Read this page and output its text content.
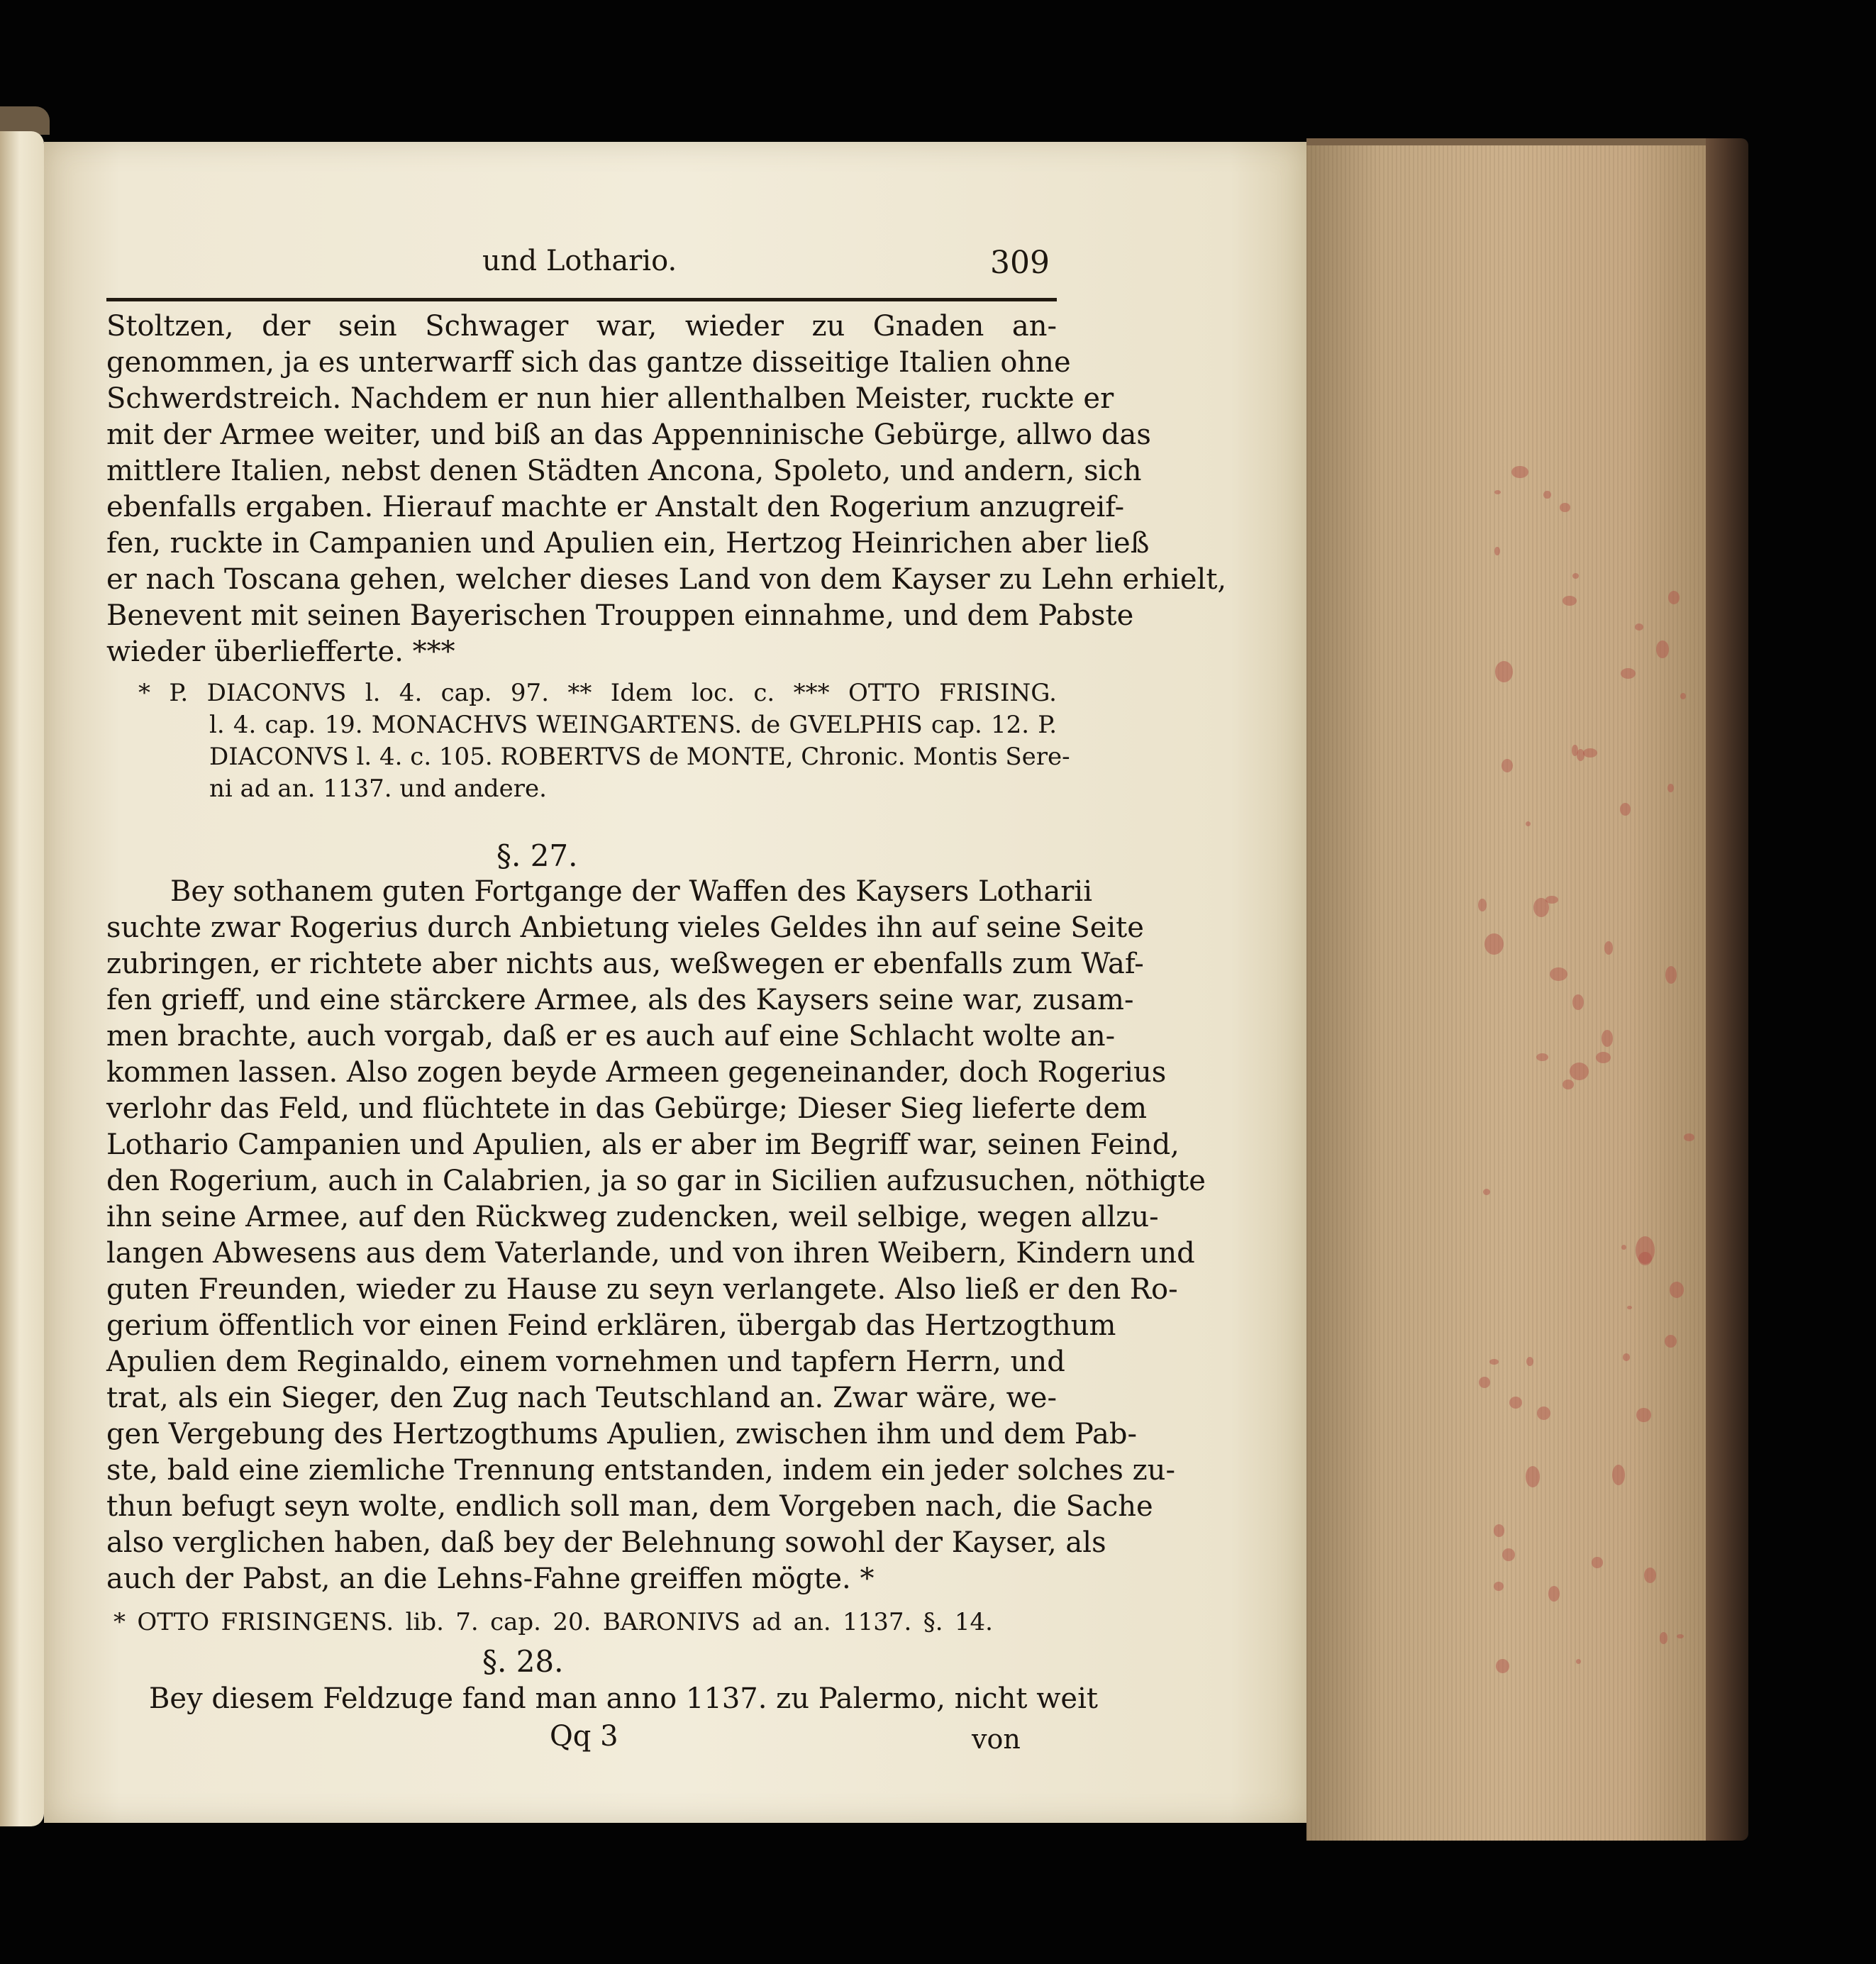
und Lothario.	309
Stoltzen, der sein Schwager war, wieder zu Gnaden an-
genommen, ja es unterwarff sich das gantze disseitige Italien ohne
Schwerdstreich. Nachdem er nun hier allenthalben Meister, ruckte er
mit der Armee weiter, und biß an das Appenninische Gebürge, allwo das
mittlere Italien, nebst denen Städten Ancona, Spoleto, und andern, sich
ebenfalls ergaben. Hierauf machte er Anstalt den Rogerium anzugreif-
fen, ruckte in Campanien und Apulien ein, Hertzog Heinrichen aber ließ
er nach Toscana gehen, welcher dieses Land von dem Kayser zu Lehn erhielt,
Benevent mit seinen Bayerischen Trouppen einnahme, und dem Pabste
wieder überliefferte. ***
* P. DIACONVS l. 4. cap. 97. ** Idem loc. c. *** OTTO FRISING.
l. 4. cap. 19. MONACHVS WEINGARTENS. de GVELPHIS cap. 12. P.
DIACONVS l. 4. c. 105. ROBERTVS de MONTE, Chronic. Montis Sere-
ni ad an. 1137. und andere.
§. 27.
Bey sothanem guten Fortgange der Waffen des Kaysers Lotharii
suchte zwar Rogerius durch Anbietung vieles Geldes ihn auf seine Seite
zubringen, er richtete aber nichts aus, weßwegen er ebenfalls zum Waf-
fen grieff, und eine stärckere Armee, als des Kaysers seine war, zusam-
men brachte, auch vorgab, daß er es auch auf eine Schlacht wolte an-
kommen lassen. Also zogen beyde Armeen gegeneinander, doch Rogerius
verlohr das Feld, und flüchtete in das Gebürge; Dieser Sieg lieferte dem
Lothario Campanien und Apulien, als er aber im Begriff war, seinen Feind,
den Rogerium, auch in Calabrien, ja so gar in Sicilien aufzusuchen, nöthigte
ihn seine Armee, auf den Rückweg zudencken, weil selbige, wegen allzu-
langen Abwesens aus dem Vaterlande, und von ihren Weibern, Kindern und
guten Freunden, wieder zu Hause zu seyn verlangete. Also ließ er den Ro-
gerium öffentlich vor einen Feind erklären, übergab das Hertzogthum
Apulien dem Reginaldo, einem vornehmen und tapfern Herrn, und
trat, als ein Sieger, den Zug nach Teutschland an. Zwar wäre, we-
gen Vergebung des Hertzogthums Apulien, zwischen ihm und dem Pab-
ste, bald eine ziemliche Trennung entstanden, indem ein jeder solches zu-
thun befugt seyn wolte, endlich soll man, dem Vorgeben nach, die Sache
also verglichen haben, daß bey der Belehnung sowohl der Kayser, als
auch der Pabst, an die Lehns-Fahne greiffen mögte. *
* OTTO FRISINGENS. lib. 7. cap. 20. BARONIVS ad an. 1137. §. 14.
§. 28.
Bey diesem Feldzuge fand man anno 1137. zu Palermo, nicht weit
Qq 3	von
